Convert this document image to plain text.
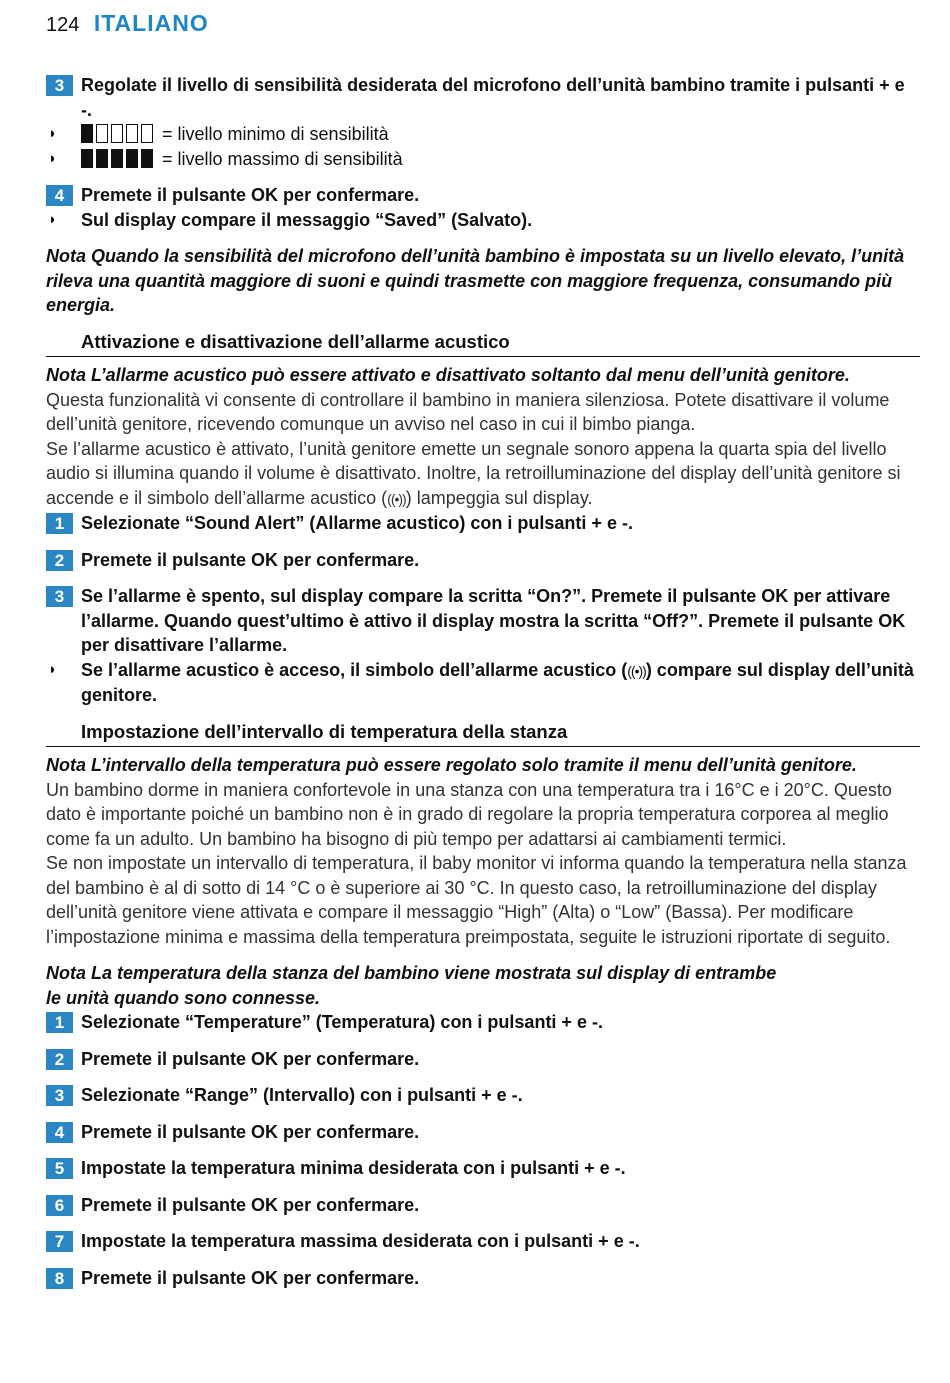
124 ITALIANO
3 Regolate il livello di sensibilità desiderata del microfono dell’unità bambino tramite i pulsanti + e -.
◗	= livello minimo di sensibilità
◗	= livello massimo di sensibilità
4 Premete il pulsante OK per confermare.
◗ Sul display compare il messaggio “Saved” (Salvato).
Nota Quando la sensibilità del microfono dell’unità bambino è impostata su un livello elevato, l’unità rileva una quantità maggiore di suoni e quindi trasmette con maggiore frequenza, consumando più energia.
Attivazione e disattivazione dell’allarme acustico
Nota L’allarme acustico può essere attivato e disattivato soltanto dal menu dell’unità genitore.
Questa funzionalità vi consente di controllare il bambino in maniera silenziosa. Potete disattivare il volume dell’unità genitore, ricevendo comunque un avviso nel caso in cui il bimbo pianga.
Se l’allarme acustico è attivato, l’unità genitore emette un segnale sonoro appena la quarta spia del livello audio si illumina quando il volume è disattivato. Inoltre, la retroilluminazione del display dell’unità genitore si accende e il simbolo dell’allarme acustico (((•))) lampeggia sul display.
1 Selezionate “Sound Alert” (Allarme acustico) con i pulsanti + e -.
2 Premete il pulsante OK per confermare.
3 Se l’allarme è spento, sul display compare la scritta “On?”. Premete il pulsante OK per attivare l’allarme. Quando quest’ultimo è attivo il display mostra la scritta “Off?”. Premete il pulsante OK per disattivare l’allarme.
◗ Se l’allarme acustico è acceso, il simbolo dell’allarme acustico (((•))) compare sul display dell’unità genitore.
Impostazione dell’intervallo di temperatura della stanza
Nota L’intervallo della temperatura può essere regolato solo tramite il menu dell’unità genitore.
Un bambino dorme in maniera confortevole in una stanza con una temperatura tra i 16°C e i 20°C. Questo dato è importante poiché un bambino non è in grado di regolare la propria temperatura corporea al meglio come fa un adulto. Un bambino ha bisogno di più tempo per adattarsi ai cambiamenti termici.
Se non impostate un intervallo di temperatura, il baby monitor vi informa quando la temperatura nella stanza del bambino è al di sotto di 14 °C o è superiore ai 30 °C. In questo caso, la retroilluminazione del display dell’unità genitore viene attivata e compare il messaggio “High” (Alta) o “Low” (Bassa). Per modificare l’impostazione minima e massima della temperatura preimpostata, seguite le istruzioni riportate di seguito.
Nota La temperatura della stanza del bambino viene mostrata sul display di entrambe
le unità quando sono connesse.
1 Selezionate “Temperature” (Temperatura) con i pulsanti + e -.
2 Premete il pulsante OK per confermare.
3 Selezionate “Range” (Intervallo) con i pulsanti + e -.
4 Premete il pulsante OK per confermare.
5 Impostate la temperatura minima desiderata con i pulsanti + e -.
6 Premete il pulsante OK per confermare.
7 Impostate la temperatura massima desiderata con i pulsanti + e -.
8 Premete il pulsante OK per confermare.
